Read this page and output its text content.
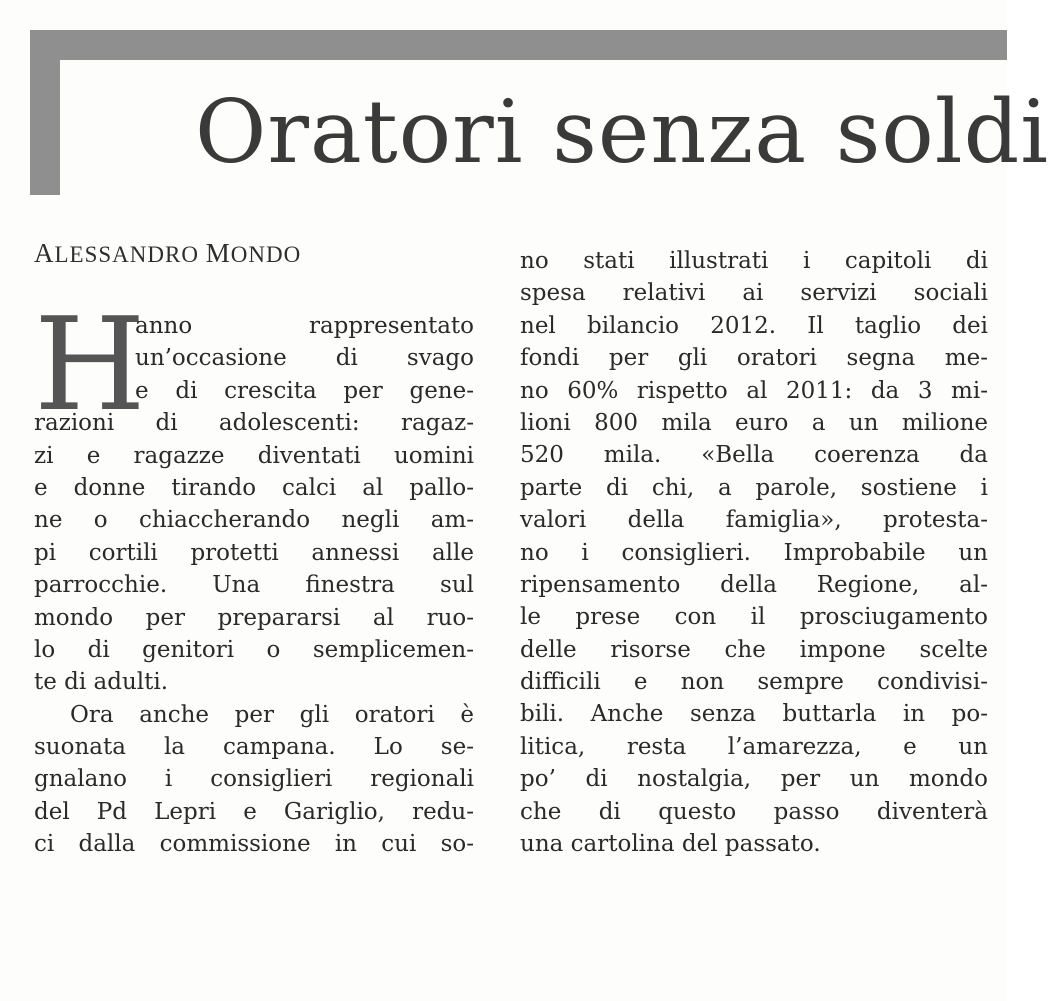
Oratori senza soldi

ALESSANDRO MONDO

H
anno rappresentato
un’occasione di svago
e di crescita per gene-
razioni di adolescenti: ragaz-
zi e ragazze diventati uomini
e donne tirando calci al pallo-
ne o chiaccherando negli am-
pi cortili protetti annessi alle
parrocchie. Una finestra sul
mondo per prepararsi al ruo-
lo di genitori o semplicemen-
te di adulti.
Ora anche per gli oratori è
suonata la campana. Lo se-
gnalano i consiglieri regionali
del Pd Lepri e Gariglio, redu-
ci dalla commissione in cui so-
no stati illustrati i capitoli di
spesa relativi ai servizi sociali
nel bilancio 2012. Il taglio dei
fondi per gli oratori segna me-
no 60% rispetto al 2011: da 3 mi-
lioni 800 mila euro a un milione
520 mila. «Bella coerenza da
parte di chi, a parole, sostiene i
valori della famiglia», protesta-
no i consiglieri. Improbabile un
ripensamento della Regione, al-
le prese con il prosciugamento
delle risorse che impone scelte
difficili e non sempre condivisi-
bili. Anche senza buttarla in po-
litica, resta l’amarezza, e un
po’ di nostalgia, per un mondo
che di questo passo diventerà
una cartolina del passato.
